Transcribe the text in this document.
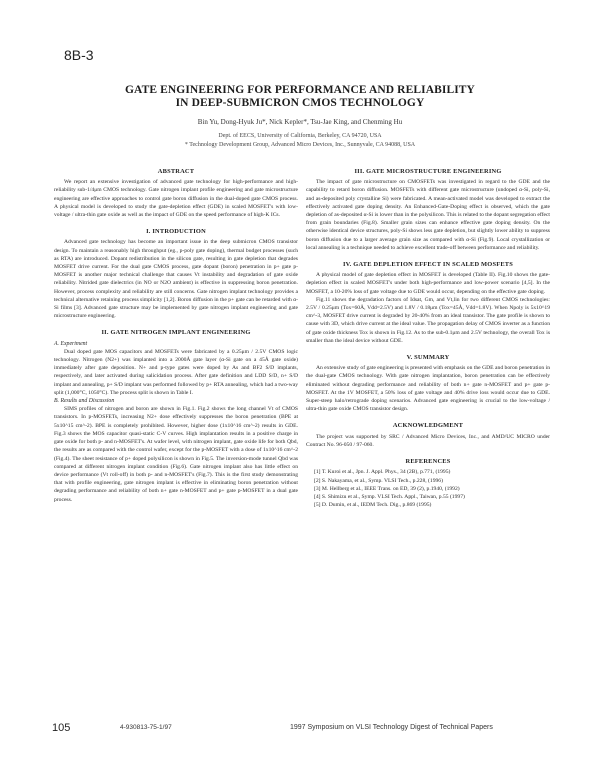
8B-3
GATE ENGINEERING FOR PERFORMANCE AND RELIABILITY
IN DEEP-SUBMICRON CMOS TECHNOLOGY
Bin Yu, Dong-Hyuk Ju*, Nick Kepler*, Tsu-Jae King, and Chenming Hu
Dept. of EECS, University of California, Berkeley, CA 94720, USA
* Technology Development Group, Advanced Micro Devices, Inc., Sunnyvale, CA 94088, USA
ABSTRACT

We report an extensive investigation of advanced gate technology for high-performance and high-reliability sub-1/4μm CMOS technology. Gate nitrogen implant profile engineering and gate microstructure engineering are effective approaches to control gate boron diffusion in the dual-doped gate CMOS process. A physical model is developed to study the gate-depletion effect (GDE) in scaled MOSFET's with low-voltage / ultra-thin gate oxide as well as the impact of GDE on the speed performance of high-K ICs.

I. INTRODUCTION

Advanced gate technology has become an important issue in the deep submicron CMOS transistor design. To maintain a reasonably high throughput (eg., p-poly gate doping), thermal budget processes (such as RTA) are introduced. Dopant redistribution in the silicon gate, resulting in gate depletion that degrades MOSFET drive current. For the dual gate CMOS process, gate dopant (boron) penetration in p+ gate p-MOSFET is another major technical challenge that causes Vt instability and degradation of gate oxide reliability. Nitrided gate dielectrics (in NO or N2O ambient) is effective in suppressing boron penetration. However, process complexity and reliability are still concerns. Gate nitrogen implant technology provides a technical alternative retaining process simplicity [1,2]. Boron diffusion in the p+ gate can be retarded with α-Si films [3]. Advanced gate structure may be implemented by gate nitrogen implant engineering and gate microstructure engineering.

II. GATE NITROGEN IMPLANT ENGINEERING
A. Experiment

Dual doped gate MOS capacitors and MOSFETs were fabricated by a 0.25μm / 2.5V CMOS logic technology. Nitrogen (N2+) was implanted into a 2000Å gate layer (α-Si gate on a 45Å gate oxide) immediately after gate deposition. N+ and p-type gates were doped by As and BF2 S/D implants, respectively, and later activated during salicidation process. After gate definition and LDD S/D, n+ S/D implant and annealing, p+ S/D implant was performed followed by p+ RTA annealing, which had a two-way split (1,000°C, 1050°C). The process split is shown in Table I.

B. Results and Discussion

SIMS profiles of nitrogen and boron are shown in Fig.1. Fig.2 shows the long channel Vt of CMOS transistors. In p-MOSFETs, increasing N2+ dose effectively suppresses the boron penetration (BPE at 5x10^15 cm^-2). BPE is completely prohibited. However, higher dose (1x10^16 cm^-2) results in GDE. Fig.3 shows the MOS capacitor quasi-static C-V curves. High implantation results in a positive charge in gate oxide for both p- and n-MOSFET's. At wafer level, with nitrogen implant, gate oxide life for both Qbd, the results are as compared with the control wafer, except for the p-MOSFET with a dose of 1x10^16 cm^-2 (Fig.4). The sheet resistance of p+ doped polysilicon is shown in Fig.5. The inversion-mode tunnel Qbd was compared at different nitrogen implant condition (Fig.6). Gate nitrogen implant also has little effect on device performance (Vt roll-off) in both p- and n-MOSFET's (Fig.7). This is the first study demonstrating that with profile engineering, gate nitrogen implant is effective in eliminating boron penetration without degrading performance and reliability of both n+ gate n-MOSFET and p+ gate p-MOSFET in a dual gate process.

III. GATE MICROSTRUCTURE ENGINEERING

The impact of gate microstructure on CMOSFETs was investigated in regard to the GDE and the capability to retard boron diffusion. MOSFETs with different gate microstructure (undoped α-Si, poly-Si, and as-deposited poly crystalline Si) were fabricated. A mean-activated model was developed to extract the effectively activated gate doping density. An Enhanced-Gate-Doping effect is observed, which the gate depletion of as-deposited α-Si is lower than in the polysilicon. This is related to the dopant segregation effect from grain boundaries (Fig.8). Smaller grain sizes can enhance effective gate doping density. On the otherwise identical device structures, poly-Si shows less gate depletion, but slightly lower ability to suppress boron diffusion due to a larger average grain size as compared with α-Si (Fig.9). Local crystallization or local annealing is a technique needed to achieve excellent trade-off between performance and reliability.

IV. GATE DEPLETION EFFECT IN SCALED MOSFETS

A physical model of gate depletion effect in MOSFET is developed (Table II). Fig.10 shows the gate-depletion effect in scaled MOSFET's under both high-performance and low-power scenario [4,5]. In the MOSFET, a 10-20% loss of gate voltage due to GDE would occur, depending on the effective gate doping.

Fig.11 shows the degradation factors of Idsat, Gm, and Vt,lin for two different CMOS technologies: 2.5V / 0.25μm (Tox=60Å, Vdd=2.5V) and 1.8V / 0.18μm (Tox=45Å, Vdd=1.8V). When Npoly is 5x10^19 cm^-3, MOSFET drive current is degraded by 20-40% from an ideal transistor. The gate profile is shown to cause with 3D, which drive current at the ideal value. The propagation delay of CMOS inverter as a function of gate oxide thickness Tox is shown in Fig.12. As to the sub-0.1μm and 2.5V technology, the overall Tox is smaller than the ideal device without GDE.

V. SUMMARY

An extensive study of gate engineering is presented with emphasis on the GDE and boron penetration in the dual-gate CMOS technology. With gate nitrogen implantation, boron penetration can be effectively eliminated without degrading performance and reliability of both n+ gate n-MOSFET and p+ gate p-MOSFET. At the 1V MOSFET, a 50% loss of gate voltage and 40% drive loss would occur due to GDE. Super-steep halo/retrograde doping scenarios. Advanced gate engineering is crucial to the low-voltage / ultra-thin gate oxide CMOS transistor design.

ACKNOWLEDGMENT

The project was supported by SRC / Advanced Micro Devices, Inc., and AMD/UC MICRO under Contract No. 96-050 / 97-060.

REFERENCES
[1] T. Kuroi et al., Jpn. J. Appl. Phys., 34 (2B), p.771, (1995)
[2] S. Nakayama, et al., Symp. VLSI Tech., p.228, (1996)
[3] M. Hellberg et al., IEEE Trans. on ED, 39 (2), p.1940, (1992)
[4] S. Shimizu et al., Symp. VLSI Tech. Appl., Taiwan, p.55 (1997)
[5] D. Dumin, et al., IEDM Tech. Dig., p.869 (1995)
105	4-930813-75-1/97	1997 Symposium on VLSI Technology Digest of Technical Papers
